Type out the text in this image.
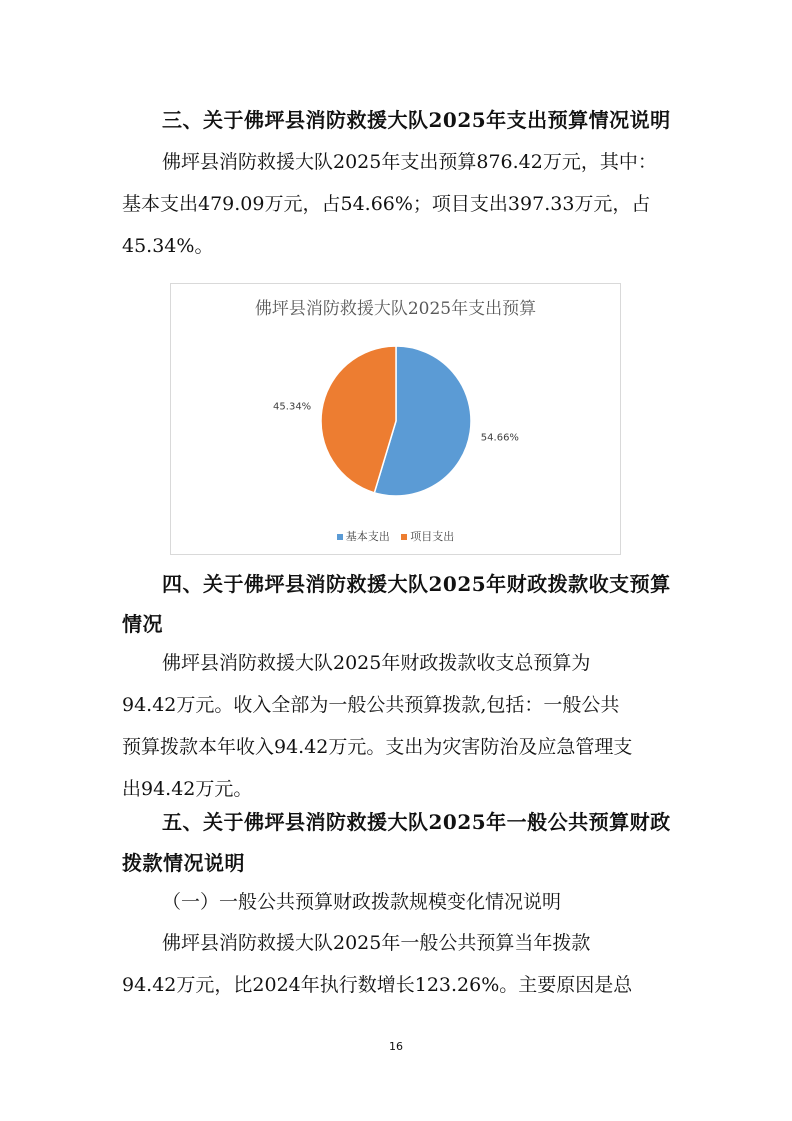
三、关于佛坪县消防救援大队2025年支出预算情况说明
佛坪县消防救援大队2025年支出预算876.42万元，其中：
基本支出479.09万元，占54.66%；项目支出397.33万元，占
45.34%。
佛坪县消防救援大队2025年支出预算
54.66%
45.34%
基本支出 项目支出
四、关于佛坪县消防救援大队2025年财政拨款收支预算
情况
佛坪县消防救援大队2025年财政拨款收支总预算为
94.42万元。收入全部为一般公共预算拨款,包括：一般公共
预算拨款本年收入94.42万元。支出为灾害防治及应急管理支
出94.42万元。
五、关于佛坪县消防救援大队2025年一般公共预算财政
拨款情况说明
（一）一般公共预算财政拨款规模变化情况说明
佛坪县消防救援大队2025年一般公共预算当年拨款
94.42万元，比2024年执行数增长123.26%。主要原因是总
16
